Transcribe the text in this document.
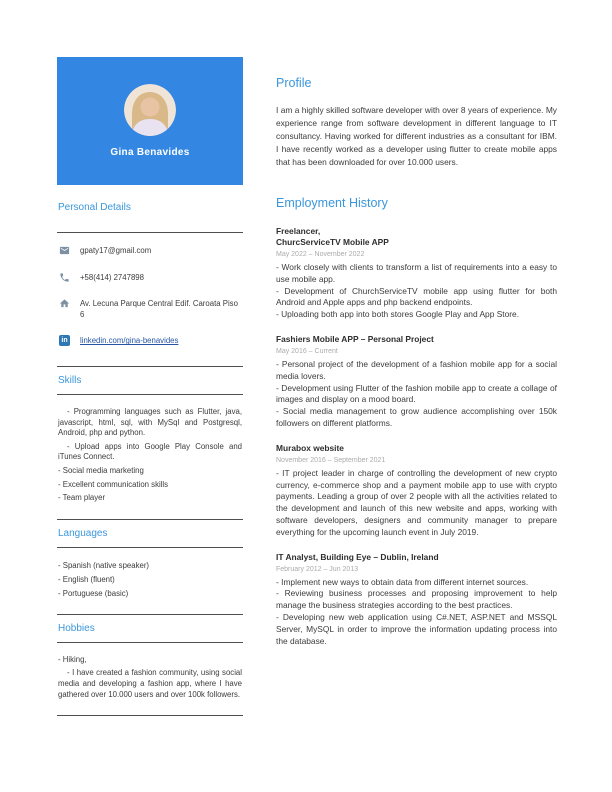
Gina Benavides
Personal Details
gpaty17@gmail.com
+58(414) 2747898
Av. Lecuna Parque Central Edif. Caroata Piso 6
in	linkedin.com/gina-benavides
Skills

- Programming languages such as Flutter, java, javascript, html, sql, with MySql and Postgresql, Android, php and python.

- Upload apps into Google Play Console and iTunes Connect.

- Social media marketing

- Excellent communication skills

- Team player

Languages

- Spanish (native speaker)

- English (fluent)

- Portuguese (basic)

Hobbies

- Hiking,

- I have created a fashion community, using social media and developing a fashion app, where I have gathered over 10.000 users and over 100k followers.

Profile

I am a highly skilled software developer with over 8 years of experience. My experience range from software development in different language to IT consultancy. Having worked for different industries as a consultant for IBM. I have recently worked as a developer using flutter to create mobile apps that has been downloaded for over 10.000 users.

Employment History
Freelancer,
ChurcServiceTV Mobile APP
May 2022 – November 2022

- Work closely with clients to transform a list of requirements into a easy to use mobile app.

- Development of ChurchServiceTV mobile app using flutter for both Android and Apple apps and php backend endpoints.

- Uploading both app into both stores Google Play and App Store.

Fashiers Mobile APP – Personal Project
May 2016 – Current

- Personal project of the development of a fashion mobile app for a social media lovers.

- Development using Flutter of the fashion mobile app to create a collage of images and display on a mood board.

- Social media management to grow audience accomplishing over 150k followers on different platforms.

Murabox website
November 2016 – September 2021

- IT project leader in charge of controlling the development of new crypto currency, e-commerce shop and a payment mobile app to use with crypto payments. Leading a group of over 2 people with all the activities related to the development and launch of this new website and apps, working with software developers, designers and community manager to prepare everything for the upcoming launch event in July 2019.

IT Analyst, Building Eye – Dublin, Ireland
February 2012 – Jun 2013

- Implement new ways to obtain data from different internet sources.

- Reviewing business processes and proposing improvement to help manage the business strategies according to the best practices.

- Developing new web application using C#.NET, ASP.NET and MSSQL Server, MySQL in order to improve the information updating process into the database.
